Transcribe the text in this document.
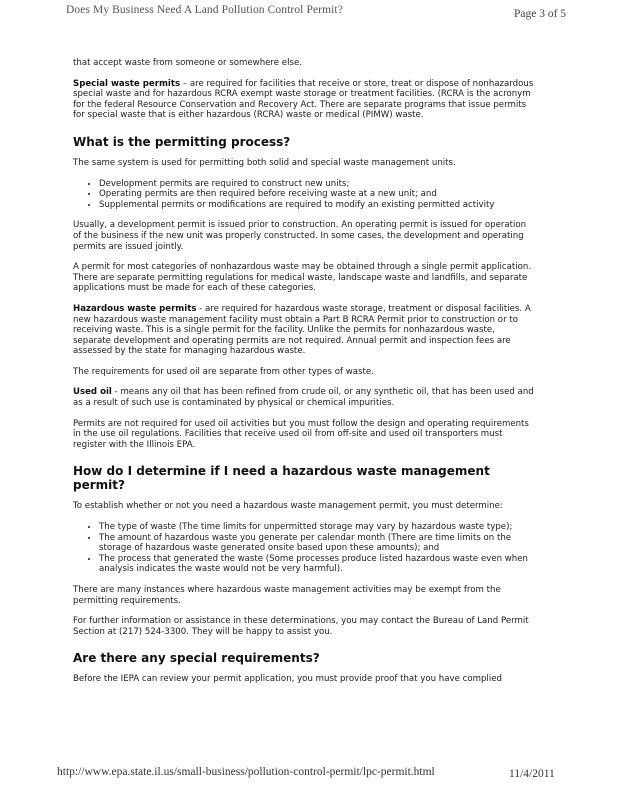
Does My Business Need A Land Pollution Control Permit?	Page 3 of 5

that accept waste from someone or somewhere else.

Special waste permits – are required for facilities that receive or store, treat or dispose of nonhazardous special waste and for hazardous RCRA exempt waste storage or treatment facilities. (RCRA is the acronym for the federal Resource Conservation and Recovery Act. There are separate programs that issue permits for special waste that is either hazardous (RCRA) waste or medical (PIMW) waste.

What is the permitting process?

The same system is used for permitting both solid and special waste management units.

• Development permits are required to construct new units;
• Operating permits are then required before receiving waste at a new unit; and
• Supplemental permits or modifications are required to modify an existing permitted activity

Usually, a development permit is issued prior to construction. An operating permit is issued for operation of the business if the new unit was properly constructed. In some cases, the development and operating permits are issued jointly.

A permit for most categories of nonhazardous waste may be obtained through a single permit application. There are separate permitting regulations for medical waste, landscape waste and landfills, and separate applications must be made for each of these categories.

Hazardous waste permits - are required for hazardous waste storage, treatment or disposal facilities. A new hazardous waste management facility must obtain a Part B RCRA Permit prior to construction or to receiving waste. This is a single permit for the facility. Unlike the permits for nonhazardous waste, separate development and operating permits are not required. Annual permit and inspection fees are assessed by the state for managing hazardous waste.

The requirements for used oil are separate from other types of waste.

Used oil - means any oil that has been refined from crude oil, or any synthetic oil, that has been used and as a result of such use is contaminated by physical or chemical impurities.

Permits are not required for used oil activities but you must follow the design and operating requirements in the use oil regulations. Facilities that receive used oil from off-site and used oil transporters must register with the Illinois EPA.

How do I determine if I need a hazardous waste management permit?

To establish whether or not you need a hazardous waste management permit, you must determine:

• The type of waste (The time limits for unpermitted storage may vary by hazardous waste type);
• The amount of hazardous waste you generate per calendar month (There are time limits on the storage of hazardous waste generated onsite based upon these amounts); and
• The process that generated the waste (Some processes produce listed hazardous waste even when analysis indicates the waste would not be very harmful).

There are many instances where hazardous waste management activities may be exempt from the permitting requirements.

For further information or assistance in these determinations, you may contact the Bureau of Land Permit Section at (217) 524-3300. They will be happy to assist you.

Are there any special requirements?

Before the IEPA can review your permit application, you must provide proof that you have complied

http://www.epa.state.il.us/small-business/pollution-control-permit/lpc-permit.html	11/4/2011
